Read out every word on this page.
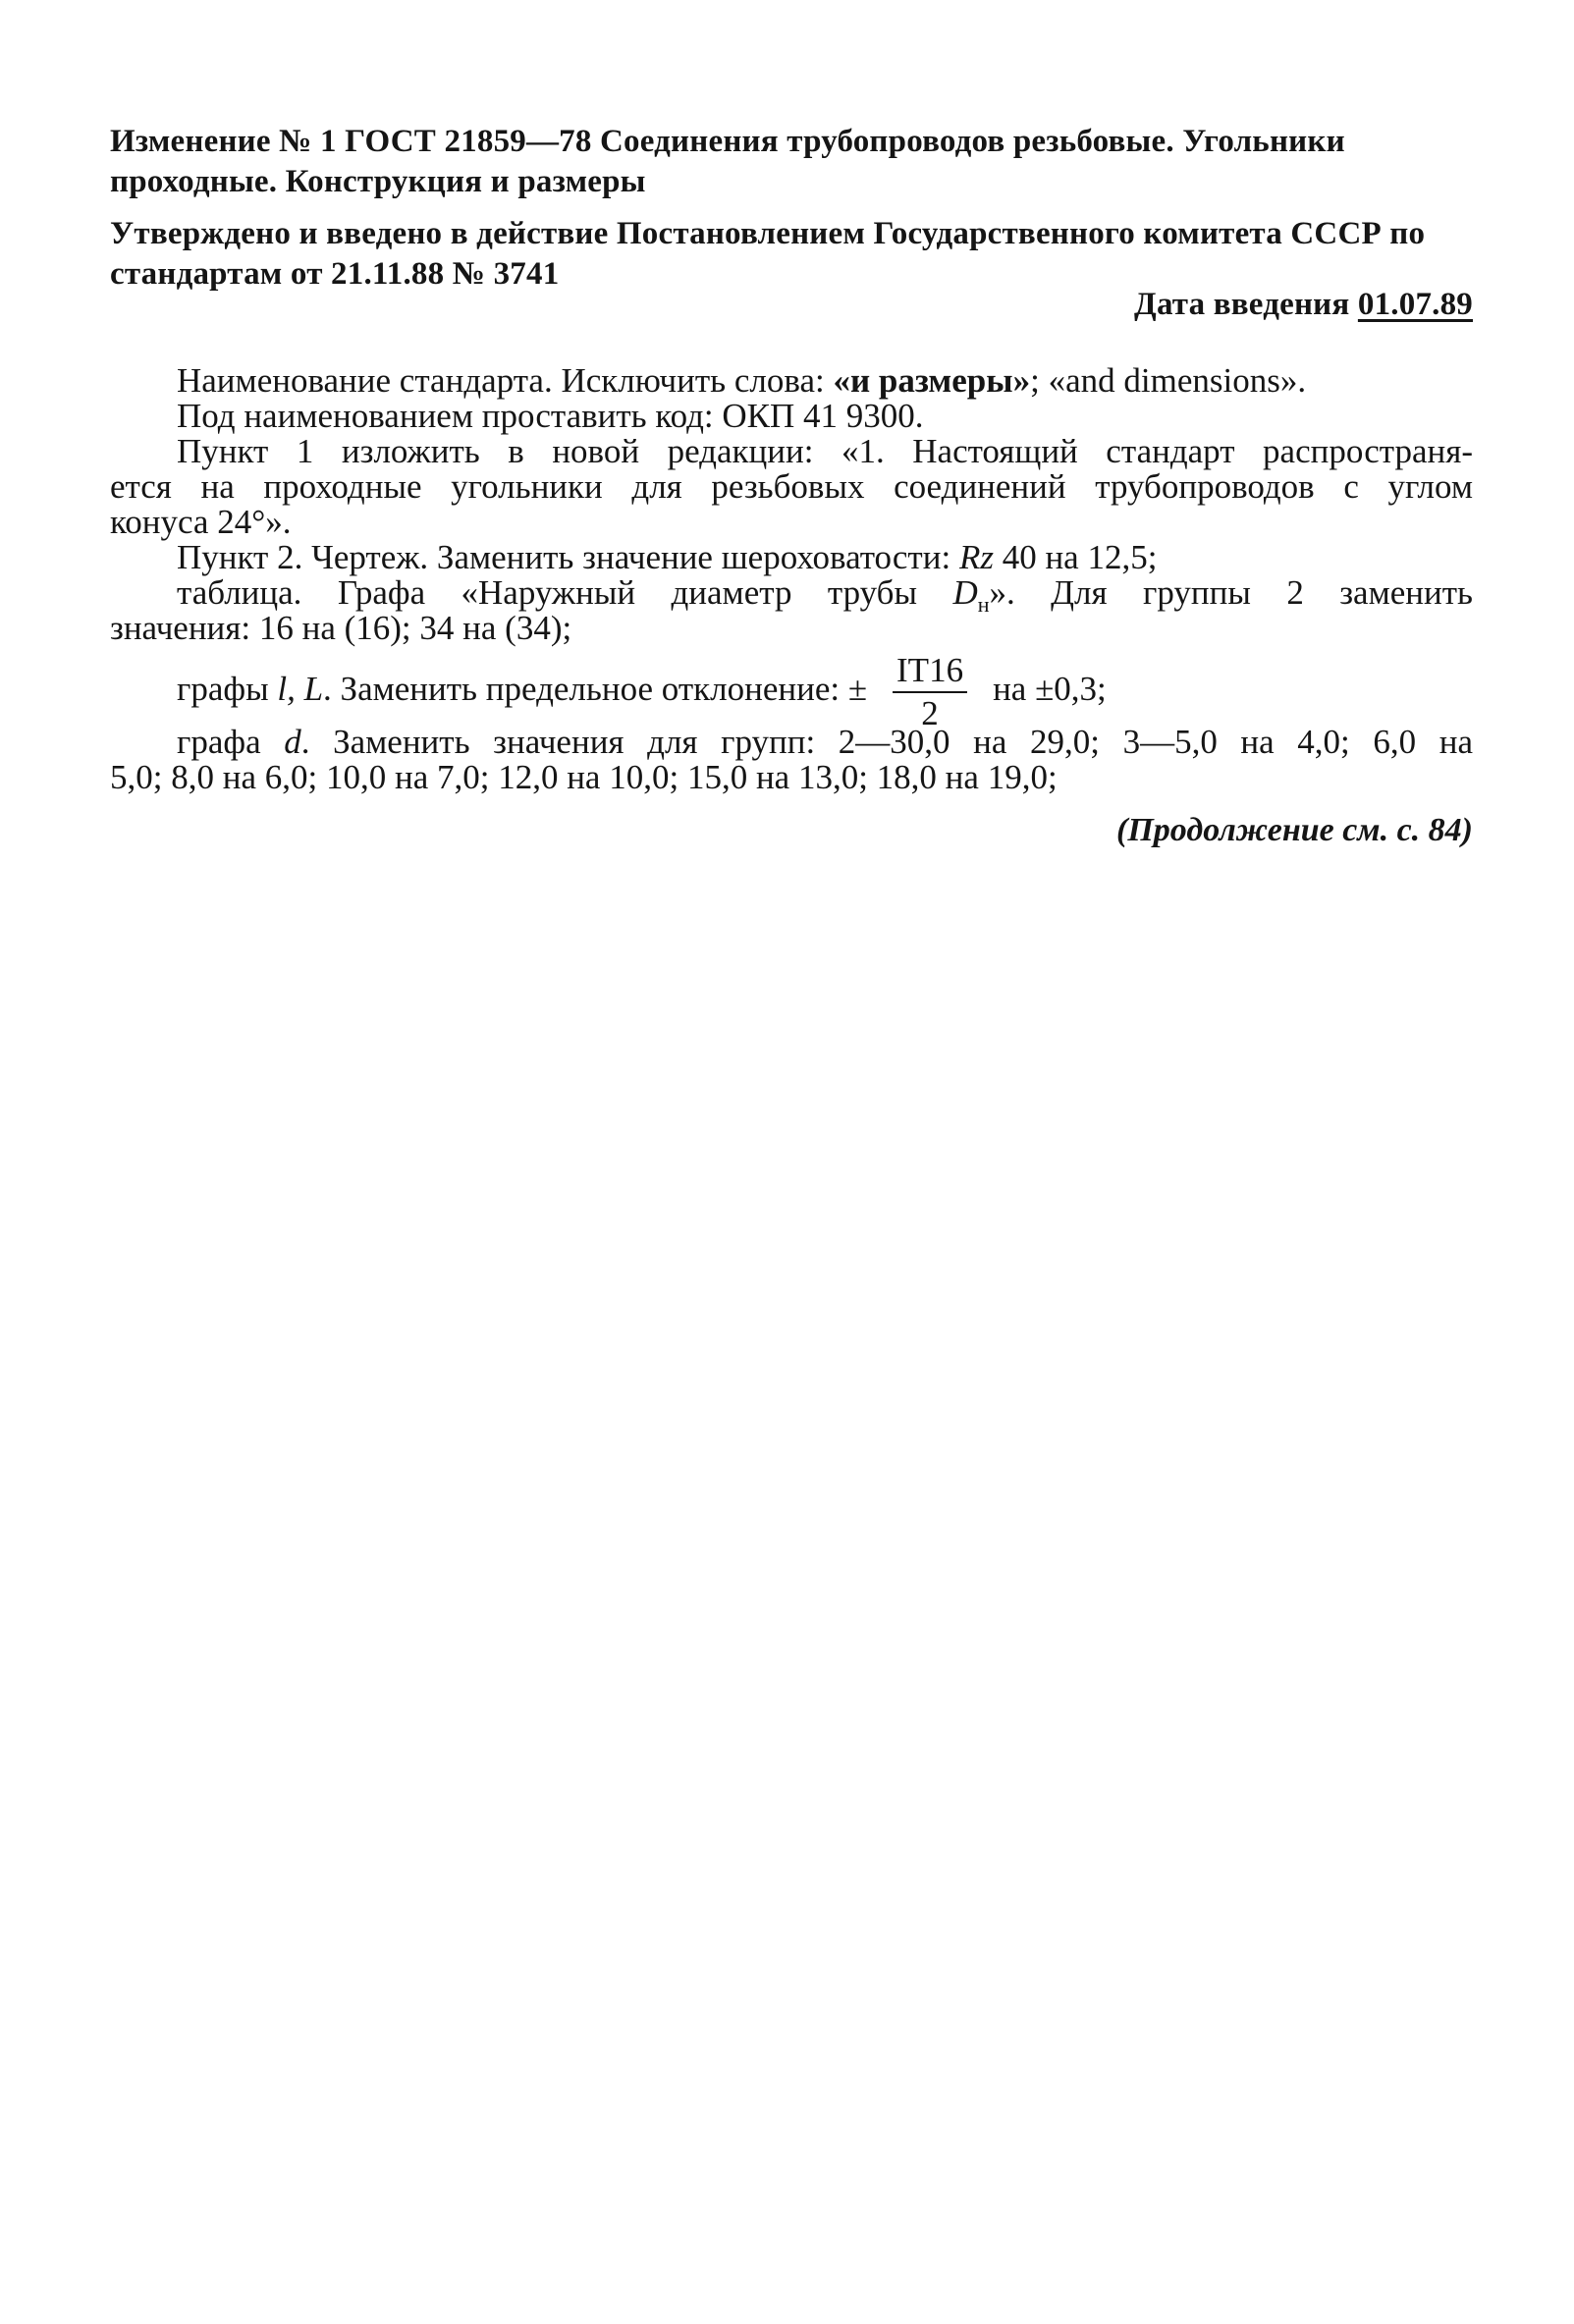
Изменение № 1 ГОСТ 21859—78 Соединения трубопроводов резьбовые. Угольники проходные. Конструкция и размеры
Утверждено и введено в действие Постановлением Государственного комитета СССР по стандартам от 21.11.88 № 3741
Дата введения 01.07.89
Наименование стандарта. Исключить слова: «и размеры»; «and dimensions».
Под наименованием проставить код: ОКП 41 9300.
Пункт 1 изложить в новой редакции: «1. Настоящий стандарт распространя-
ется на проходные угольники для резьбовых соединений трубопроводов с углом
конуса 24°».
Пункт 2. Чертеж. Заменить значение шероховатости: Rz 40 на 12,5;
таблица. Графа «Наружный диаметр трубы $D_н$». Для группы 2 заменить
значения: 16 на (16); 34 на (34);
графы l, L. Заменить предельное отклонение: ± $\frac{IT16}{2}$ на ±0,3;
графа d. Заменить значения для групп: 2—30,0 на 29,0; 3—5,0 на 4,0; 6,0 на
5,0; 8,0 на 6,0; 10,0 на 7,0; 12,0 на 10,0; 15,0 на 13,0; 18,0 на 19,0;
(Продолжение см. с. 84)
